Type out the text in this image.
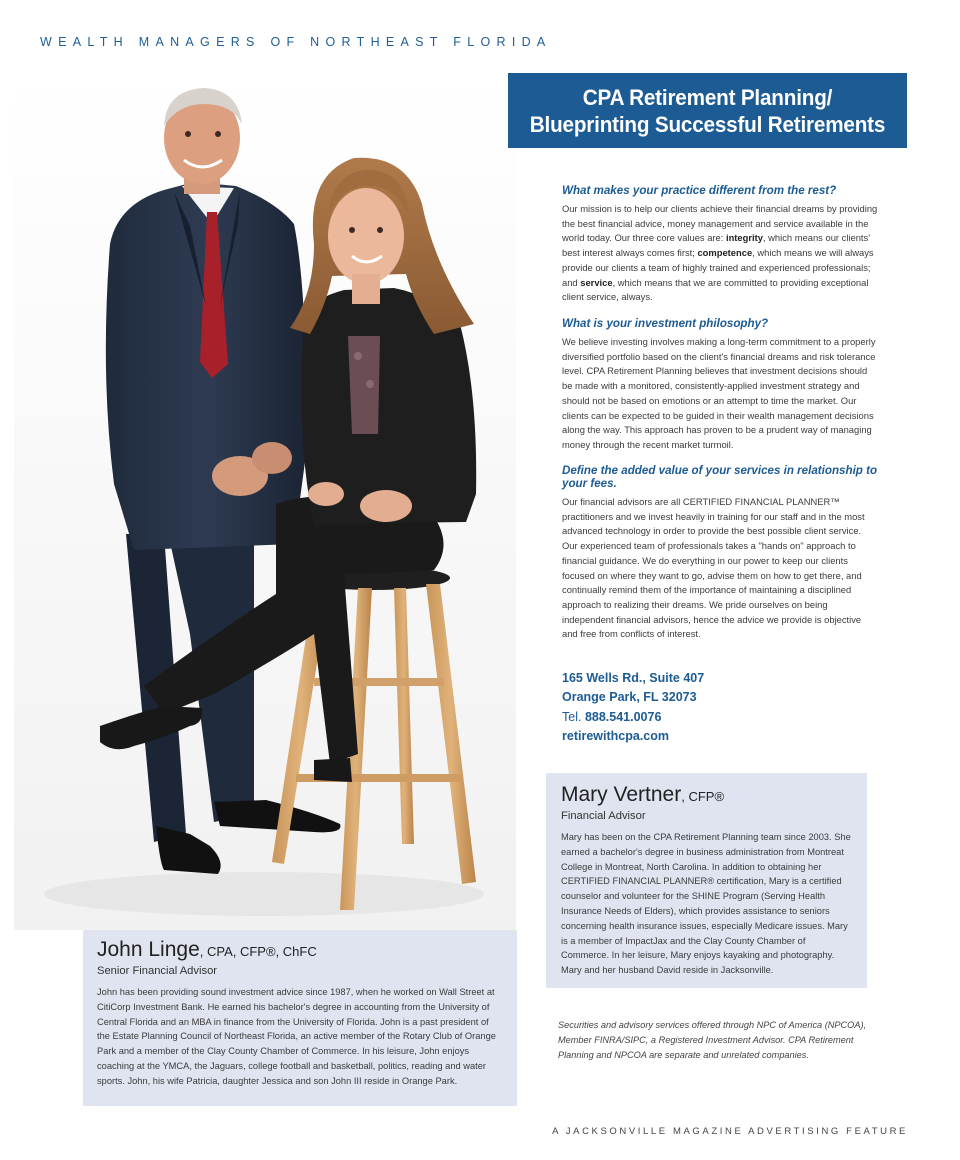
WEALTH MANAGERS OF NORTHEAST FLORIDA
CPA Retirement Planning/
Blueprinting Successful Retirements
What makes your practice different from the rest?

Our mission is to help our clients achieve their financial dreams by providing the best financial advice, money management and service available in the world today. Our three core values are: integrity, which means our clients' best interest always comes first; competence, which means we will always provide our clients a team of highly trained and experienced professionals; and service, which means that we are committed to providing exceptional client service, always.

What is your investment philosophy?

We believe investing involves making a long-term commitment to a properly diversified portfolio based on the client's financial dreams and risk tolerance level. CPA Retirement Planning believes that investment decisions should be made with a monitored, consistently-applied investment strategy and should not be based on emotions or an attempt to time the market. Our clients can be expected to be guided in their wealth management decisions along the way. This approach has proven to be a prudent way of managing money through the recent market turmoil.

Define the added value of your services in relationship to your fees.

Our financial advisors are all CERTIFIED FINANCIAL PLANNER™ practitioners and we invest heavily in training for our staff and in the most advanced technology in order to provide the best possible client service. Our experienced team of professionals takes a "hands on" approach to financial guidance. We do everything in our power to keep our clients focused on where they want to go, advise them on how to get there, and continually remind them of the importance of maintaining a disciplined approach to realizing their dreams. We pride ourselves on being independent financial advisors, hence the advice we provide is objective and free from conflicts of interest.

165 Wells Rd., Suite 407
Orange Park, FL 32073
Tel. 888.541.0076
retirewithcpa.com
Mary Vertner, CFP®
Financial Advisor
Mary has been on the CPA Retirement Planning team since 2003. She earned a bachelor's degree in business administration from Montreat College in Montreat, North Carolina. In addition to obtaining her CERTIFIED FINANCIAL PLANNER® certification, Mary is a certified counselor and volunteer for the SHINE Program (Serving Health Insurance Needs of Elders), which provides assistance to seniors concerning health insurance issues, especially Medicare issues. Mary is a member of ImpactJax and the Clay County Chamber of Commerce. In her leisure, Mary enjoys kayaking and photography. Mary and her husband David reside in Jacksonville.
Securities and advisory services offered through NPC of America (NPCOA), Member FINRA/SIPC, a Registered Investment Advisor. CPA Retirement Planning and NPCOA are separate and unrelated companies.
John Linge, CPA, CFP®, ChFC
Senior Financial Advisor
John has been providing sound investment advice since 1987, when he worked on Wall Street at CitiCorp Investment Bank. He earned his bachelor's degree in accounting from the University of Central Florida and an MBA in finance from the University of Florida. John is a past president of the Estate Planning Council of Northeast Florida, an active member of the Rotary Club of Orange Park and a member of the Clay County Chamber of Commerce. In his leisure, John enjoys coaching at the YMCA, the Jaguars, college football and basketball, politics, reading and water sports. John, his wife Patricia, daughter Jessica and son John III reside in Orange Park.
A JACKSONVILLE MAGAZINE ADVERTISING FEATURE
